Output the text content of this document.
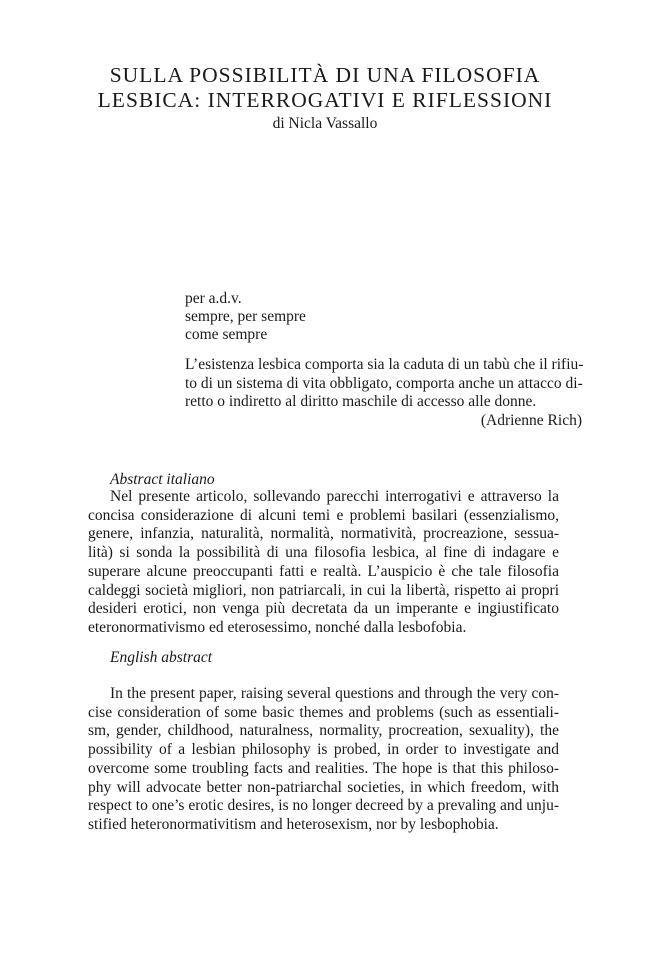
SULLA POSSIBILITÀ DI UNA FILOSOFIA
LESBICA: INTERROGATIVI E RIFLESSIONI
di Nicla Vassallo
per a.d.v.
sempre, per sempre
come sempre
L’esistenza lesbica comporta sia la caduta di un tabù che il rifiu-
to di un sistema di vita obbligato, comporta anche un attacco di-
retto o indiretto al diritto maschile di accesso alle donne.
(Adrienne Rich)
Abstract italiano
Nel presente articolo, sollevando parecchi interrogativi e attraverso la
concisa considerazione di alcuni temi e problemi basilari (essenzialismo,
genere, infanzia, naturalità, normalità, normatività, procreazione, sessua-
lità) si sonda la possibilità di una filosofia lesbica, al fine di indagare e
superare alcune preoccupanti fatti e realtà. L’auspicio è che tale filosofia
caldeggi società migliori, non patriarcali, in cui la libertà, rispetto ai propri
desideri erotici, non venga più decretata da un imperante e ingiustificato
eteronormativismo ed eterosessimo, nonché dalla lesbofobia.
English abstract
In the present paper, raising several questions and through the very con-
cise consideration of some basic themes and problems (such as essentiali-
sm, gender, childhood, naturalness, normality, procreation, sexuality), the
possibility of a lesbian philosophy is probed, in order to investigate and
overcome some troubling facts and realities. The hope is that this philoso-
phy will advocate better non-patriarchal societies, in which freedom, with
respect to one’s erotic desires, is no longer decreed by a prevaling and unju-
stified heteronormativitism and heterosexism, nor by lesbophobia.
